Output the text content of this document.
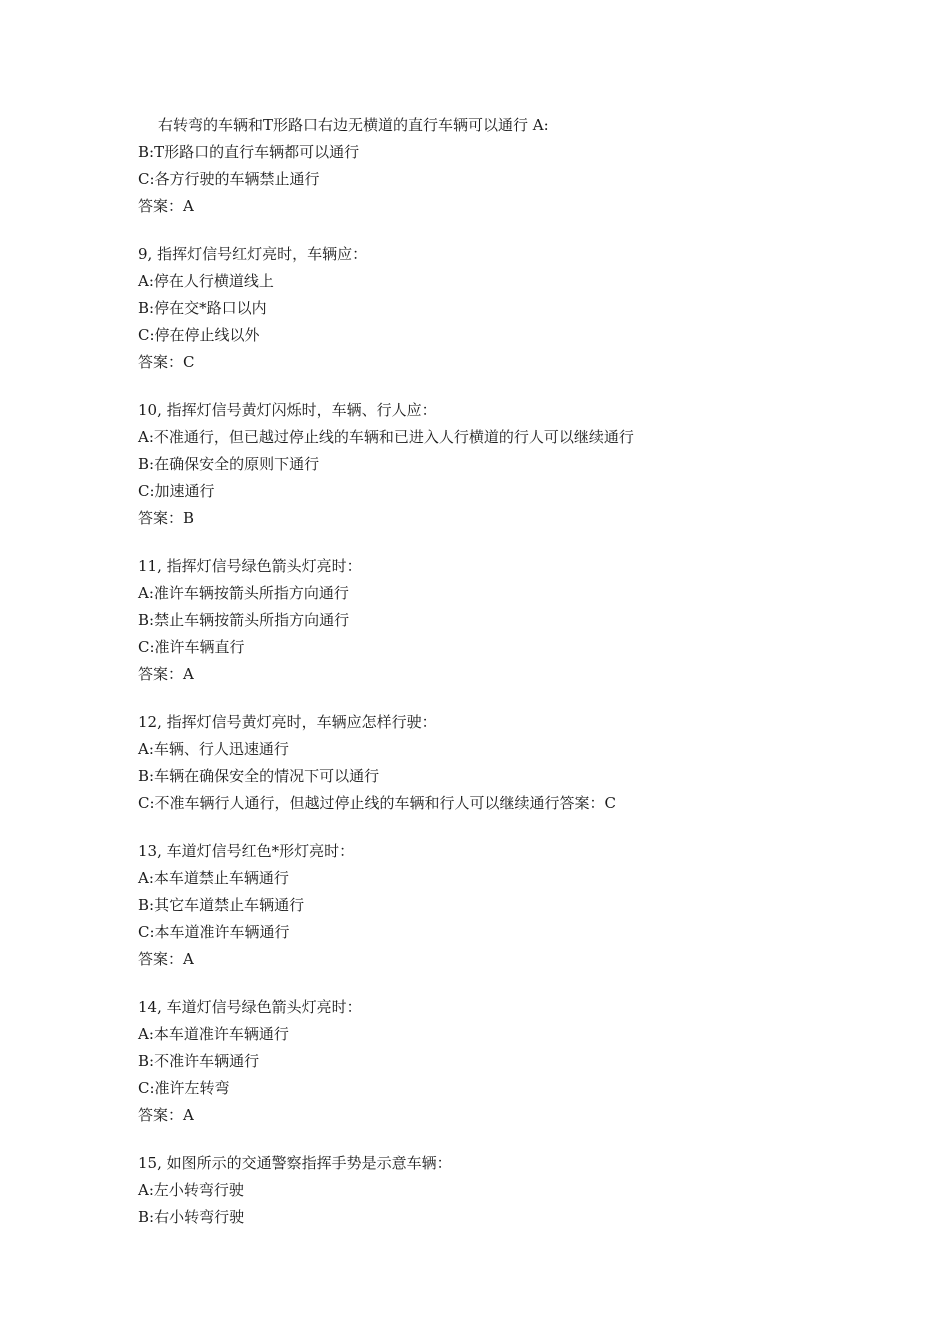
右转弯的车辆和T形路口右边无横道的直行车辆可以通行 A:
B:T形路口的直行车辆都可以通行
C:各方行驶的车辆禁止通行
答案：A
9, 指挥灯信号红灯亮时，车辆应：
A:停在人行横道线上
B:停在交*路口以内
C:停在停止线以外
答案：C
10, 指挥灯信号黄灯闪烁时，车辆、行人应：
A:不准通行，但已越过停止线的车辆和已进入人行横道的行人可以继续通行
B:在确保安全的原则下通行
C:加速通行
答案：B
11, 指挥灯信号绿色箭头灯亮时：
A:准许车辆按箭头所指方向通行
B:禁止车辆按箭头所指方向通行
C:准许车辆直行
答案：A
12, 指挥灯信号黄灯亮时，车辆应怎样行驶：
A:车辆、行人迅速通行
B:车辆在确保安全的情况下可以通行
C:不准车辆行人通行，但越过停止线的车辆和行人可以继续通行答案：C
13, 车道灯信号红色*形灯亮时：
A:本车道禁止车辆通行
B:其它车道禁止车辆通行
C:本车道准许车辆通行
答案：A
14, 车道灯信号绿色箭头灯亮时：
A:本车道准许车辆通行
B:不准许车辆通行
C:准许左转弯
答案：A
15, 如图所示的交通警察指挥手势是示意车辆：
A:左小转弯行驶
B:右小转弯行驶
